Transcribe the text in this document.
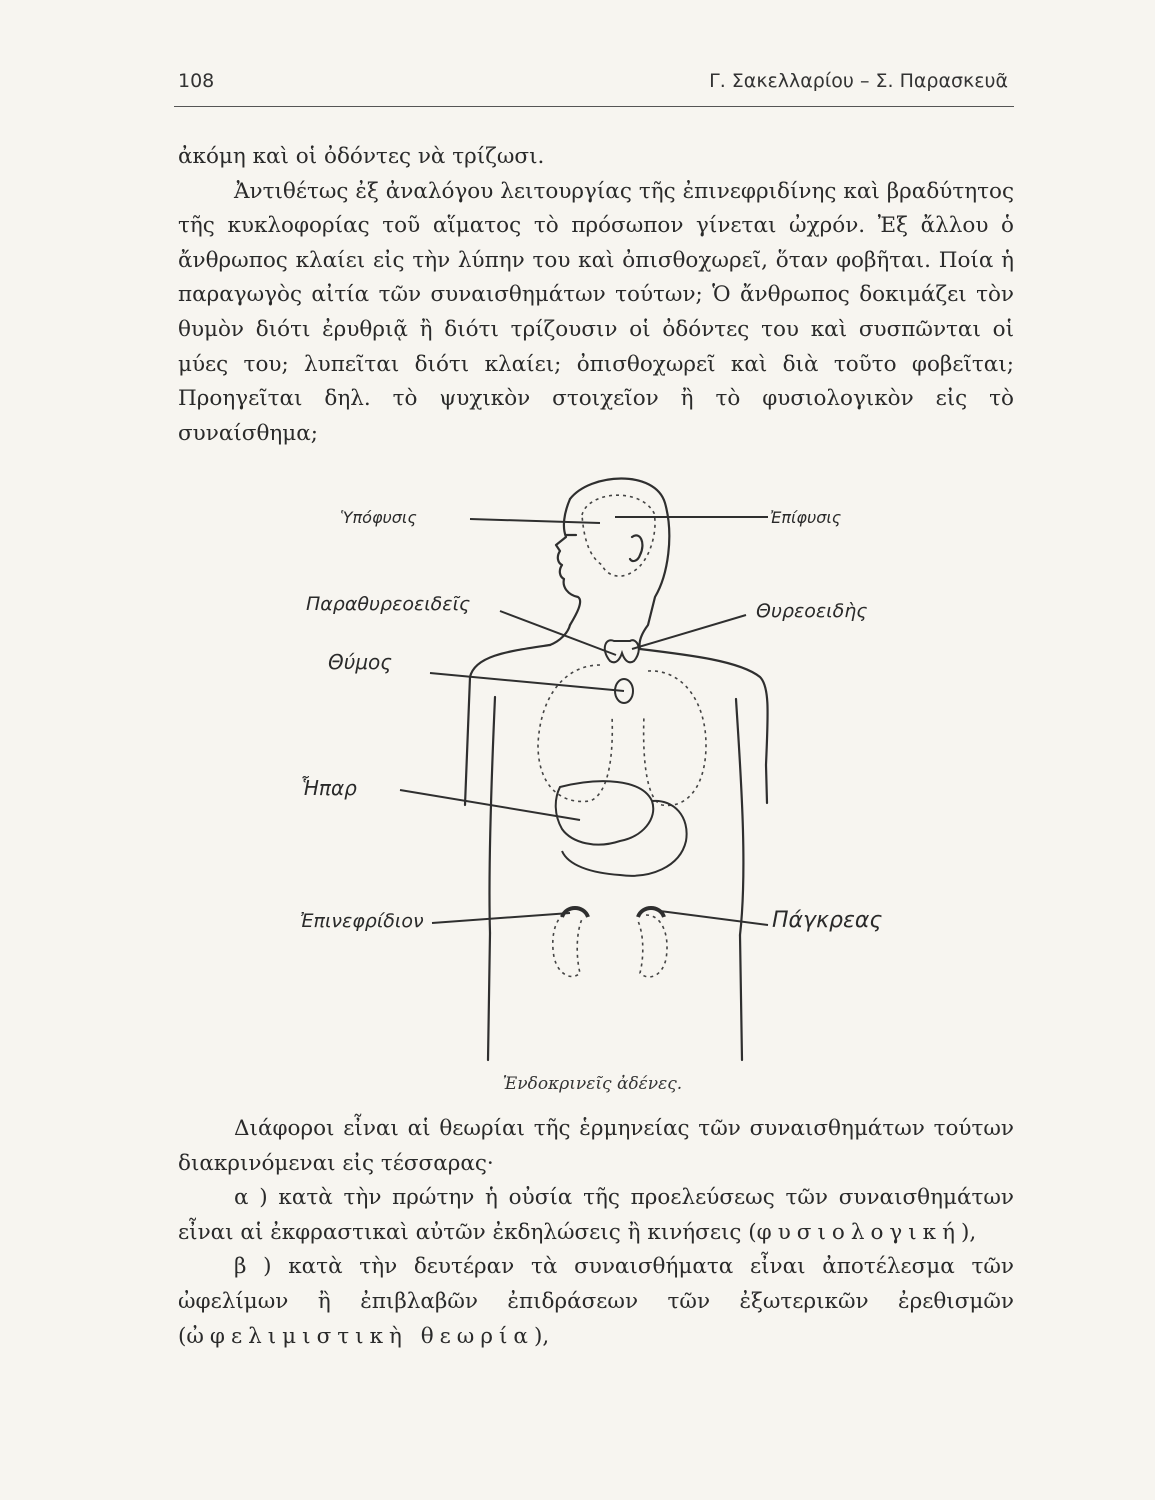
108	Γ. Σακελλαρίου – Σ. Παρασκευᾶ

ἀκόμη καὶ οἱ ὀδόντες νὰ τρίζωσι.

Ἀντιθέτως ἐξ ἀναλόγου λειτουργίας τῆς ἐπινεφριδίνης καὶ βραδύτητος τῆς κυκλοφορίας τοῦ αἵματος τὸ πρόσωπον γίνεται ὠχρόν. Ἐξ ἄλλου ὁ ἄνθρωπος κλαίει εἰς τὴν λύπην του καὶ ὀπισθοχωρεῖ, ὅταν φοβῆται. Ποία ἡ παραγωγὸς αἰτία τῶν συναισθημάτων τούτων; Ὁ ἄνθρωπος δοκιμάζει τὸν θυμὸν διότι ἐρυθριᾷ ἢ διότι τρίζουσιν οἱ ὀδόντες του καὶ συσπῶνται οἱ μύες του; λυπεῖται διότι κλαίει; ὀπισθοχωρεῖ καὶ διὰ τοῦτο φοβεῖται; Προηγεῖται δηλ. τὸ ψυχικὸν στοιχεῖον ἢ τὸ φυσιολογικὸν εἰς τὸ συναίσθημα;

Ὑπόφυσις	Ἐπίφυσις
Παραθυρεοειδεῖς	Θυρεοειδὴς
Θύμος
Ἧπαρ
Ἐπινεφρίδιον	Πάγκρεας
Ἐνδοκρινεῖς ἀδένες.

Διάφοροι εἶναι αἱ θεωρίαι τῆς ἑρμηνείας τῶν συναισθημάτων τούτων διακρινόμεναι εἰς τέσσαρας·

α ) κατὰ τὴν πρώτην ἡ οὐσία τῆς προελεύσεως τῶν συναισθημάτων εἶναι αἱ ἐκφραστικαὶ αὐτῶν ἐκδηλώσεις ἢ κινήσεις (φυσιολογική),

β ) κατὰ τὴν δευτέραν τὰ συναισθήματα εἶναι ἀποτέλεσμα τῶν ὠφελίμων ἢ ἐπιβλαβῶν ἐπιδράσεων τῶν ἐξωτερικῶν ἐρεθισμῶν (ὠφελιμιστικὴ θεωρία),
